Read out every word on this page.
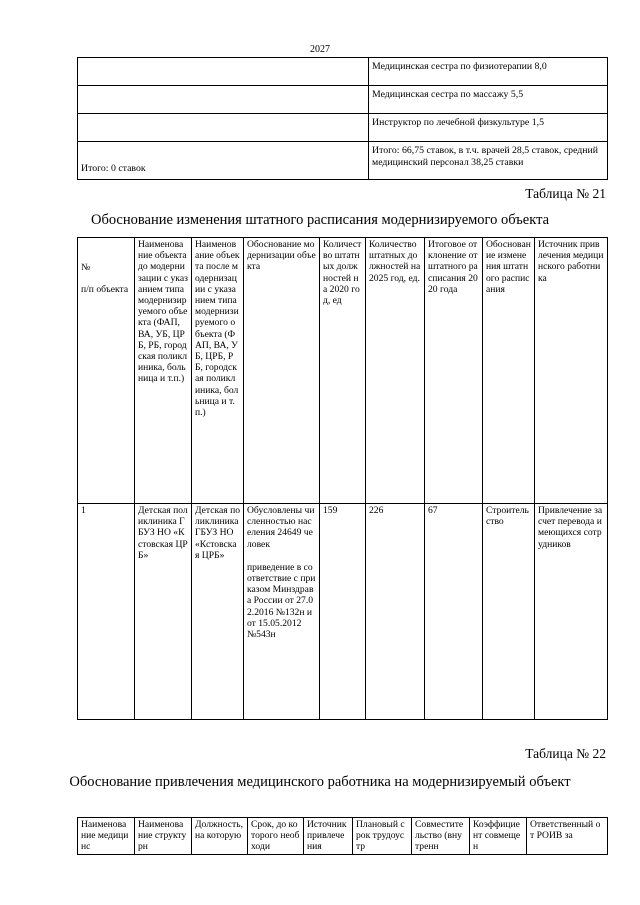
2027
	Медицинская сестра по физиотерапии 8,0
	Медицинская сестра по массажу 5,5
	Инструктор по лечебной физкультуре 1,5
Итого: 0 ставок	Итого: 66,75 ставок, в т.ч. врачей 28,5 ставок, средний медицинский персонал 38,25 ставки
Таблица № 21
Обоснование изменения штатного расписания модернизируемого объекта
№

п/п объекта	Наименование объекта до модернизации с указанием типа модернизируемого объекта (ФАП, ВА, УБ, ЦРБ, РБ, городская поликлиника, больница и т.п.)	Наименование объекта после модернизации с указанием типа модернизируемого объекта (ФАП, ВА, УБ, ЦРБ, РБ, городская поликлиника, больница и т.п.)	Обоснование модернизации объекта	Количество штатных должностей на 2020 год, ед	Количество штатных должностей на 2025 год, ед.	Итоговое отклонение от штатного расписания 2020 года	Обоснование изменения штатного расписания	Источник привлечения медицинского работника
1	Детская поликлиника ГБУЗ НО «Кстовская ЦРБ»	Детская поликлиника ГБУЗ НО «Кстовская ЦРБ»	Обусловлены численностью населения 24649 человек
приведение в соответствие с приказом Минздрава России от 27.02.2016 №132н и от 15.05.2012 №543н	159	226	67	Строительство	Привлечение за счет перевода имеющихся сотрудников
Таблица № 22
Обоснование привлечения медицинского работника на модернизируемый объект
Наименование медицинс	Наименование структурн	Должность, на которую	Срок, до которого необходи	Источник привлечения	Плановый срок трудоустр	Совместительство (внутренн	Коэффициент совмещен	Ответственный от РОИВ за
